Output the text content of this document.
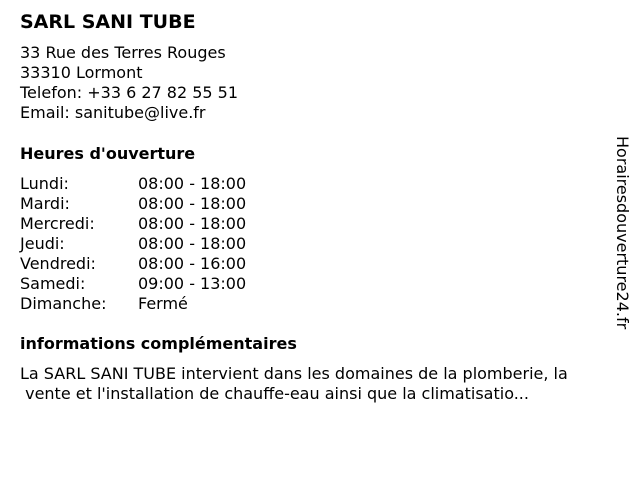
SARL SANI TUBE
33 Rue des Terres Rouges
33310 Lormont
Telefon: +33 6 27 82 55 51
Email: sanitube@live.fr
Heures d'ouverture
Lundi:	08:00 - 18:00
Mardi:	08:00 - 18:00
Mercredi:	08:00 - 18:00
Jeudi:	08:00 - 18:00
Vendredi:	08:00 - 16:00
Samedi:	09:00 - 13:00
Dimanche:	Fermé
informations complémentaires
La SARL SANI TUBE intervient dans les domaines de la plomberie, la
vente et l'installation de chauffe-eau ainsi que la climatisatio...
Horairesdouverture24.fr
